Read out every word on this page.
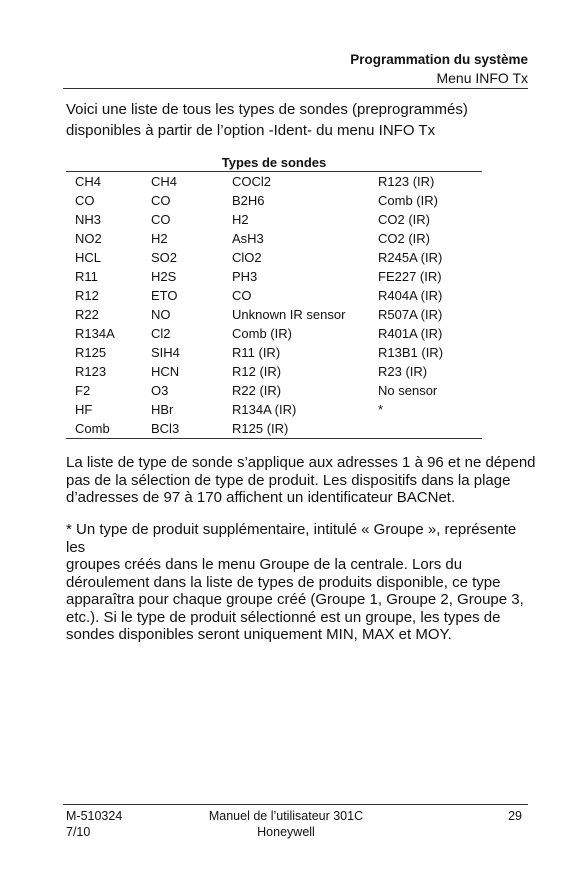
Programmation du système
Menu INFO Tx
Voici une liste de tous les types de sondes (preprogrammés)
disponibles à partir de l’option -Ident- du menu INFO Tx
Types de sondes
CH4	CH4	COCl2	R123 (IR)
CO	CO	B2H6	Comb (IR)
NH3	CO	H2	CO2 (IR)
NO2	H2	AsH3	CO2 (IR)
HCL	SO2	ClO2	R245A (IR)
R11	H2S	PH3	FE227 (IR)
R12	ETO	CO	R404A (IR)
R22	NO	Unknown IR sensor	R507A (IR)
R134A	Cl2	Comb (IR)	R401A (IR)
R125	SIH4	R11 (IR)	R13B1 (IR)
R123	HCN	R12 (IR)	R23 (IR)
F2	O3	R22 (IR)	No sensor
HF	HBr	R134A (IR)	*
Comb	BCl3	R125 (IR)	
La liste de type de sonde s’applique aux adresses 1 à 96 et ne dépend
pas de la sélection de type de produit. Les dispositifs dans la plage
d’adresses de 97 à 170 affichent un identificateur BACNet.
* Un type de produit supplémentaire, intitulé « Groupe », représente les
groupes créés dans le menu Groupe de la centrale. Lors du
déroulement dans la liste de types de produits disponible, ce type
apparaîtra pour chaque groupe créé (Groupe 1, Groupe 2, Groupe 3,
etc.). Si le type de produit sélectionné est un groupe, les types de
sondes disponibles seront uniquement MIN, MAX et MOY.
M-510324
7/10
Manuel de l’utilisateur 301C
Honeywell
29
